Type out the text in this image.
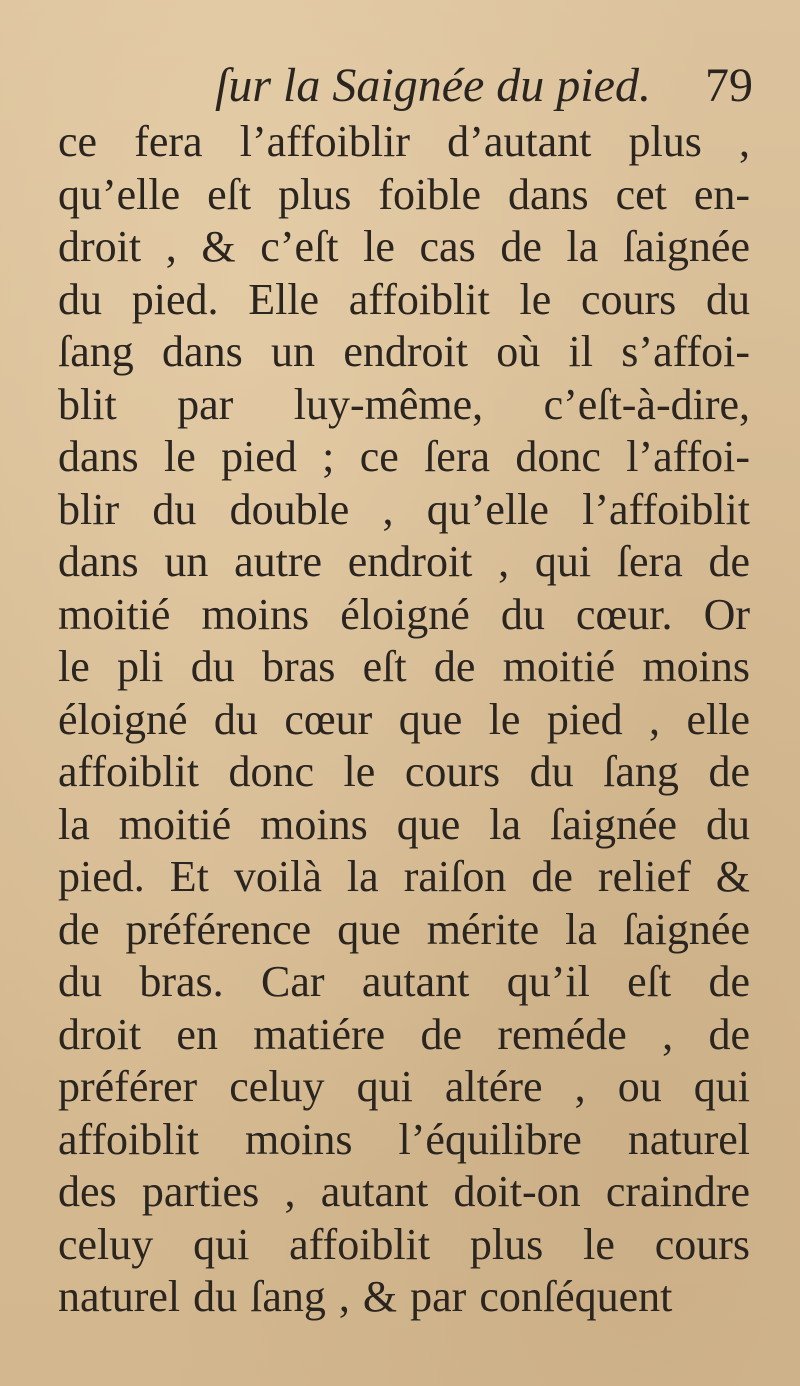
ſur la Saignée du pied. 79
ce fera l’affoiblir d’autant plus ,
qu’elle eſt plus foible dans cet en-
droit , & c’eſt le cas de la ſaignée
du pied. Elle affoiblit le cours du
ſang dans un endroit où il s’affoi-
blit par luy-même, c’eſt-à-dire,
dans le pied ; ce ſera donc l’affoi-
blir du double , qu’elle l’affoiblit
dans un autre endroit , qui ſera de
moitié moins éloigné du cœur. Or
le pli du bras eſt de moitié moins
éloigné du cœur que le pied , elle
affoiblit donc le cours du ſang de
la moitié moins que la ſaignée du
pied. Et voilà la raiſon de relief &
de préférence que mérite la ſaignée
du bras. Car autant qu’il eſt de
droit en matiére de reméde , de
préférer celuy qui altére , ou qui
affoiblit moins l’équilibre naturel
des parties , autant doit-on craindre
celuy qui affoiblit plus le cours
naturel du ſang , & par conſéquent
